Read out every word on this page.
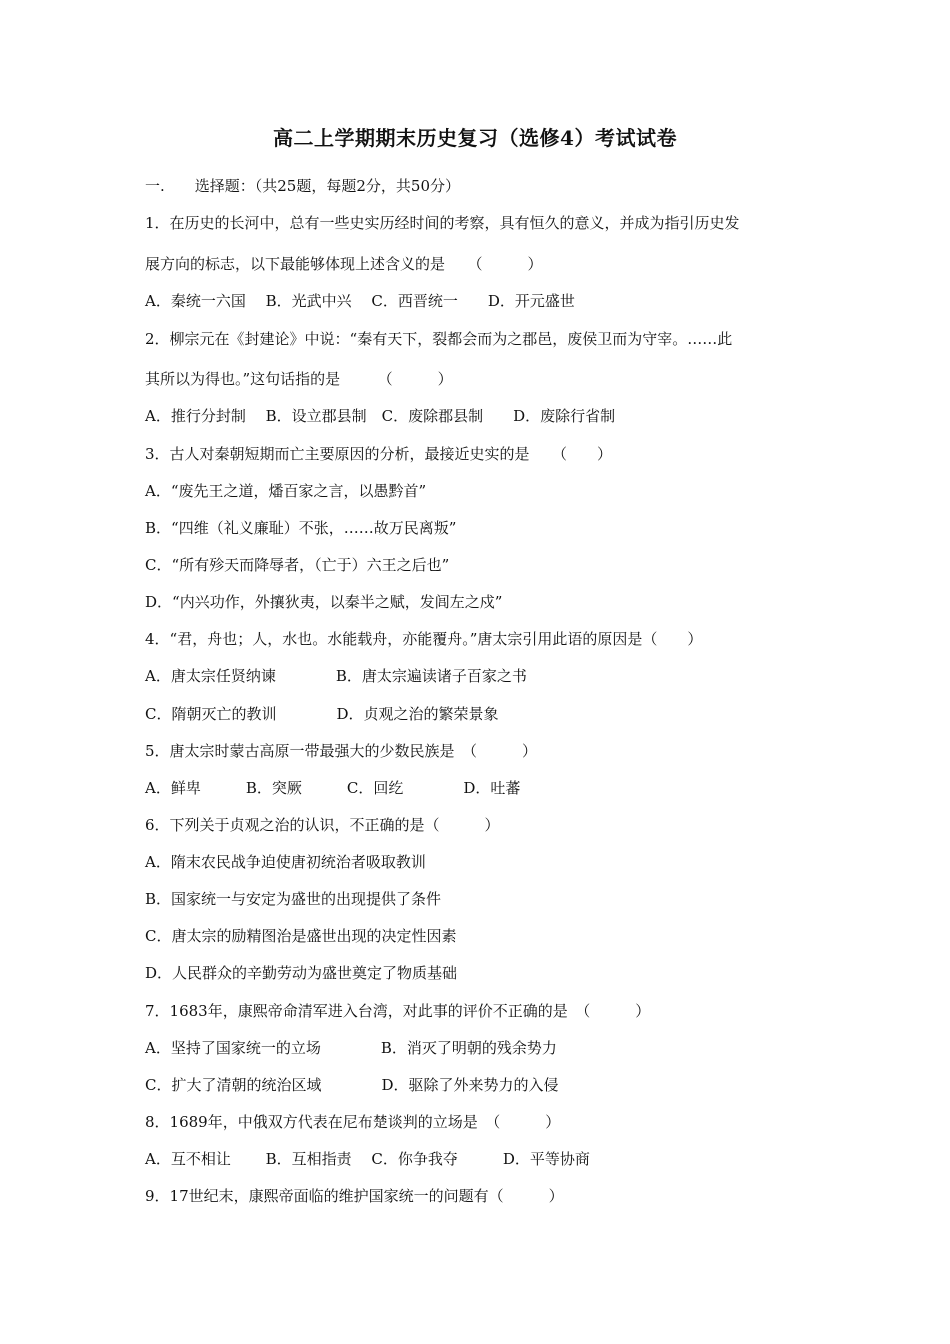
高二上学期期末历史复习（选修4）考试试卷
一.　　选择题：（共25题，每题2分，共50分）
1．在历史的长河中，总有一些史实历经时间的考察，具有恒久的意义，并成为指引历史发
展方向的标志，以下最能够体现上述含义的是　　（　　　）
A．秦统一六国　 B．光武中兴　 C．西晋统一　　D．开元盛世
2．柳宗元在《封建论》中说：“秦有天下，裂都会而为之郡邑，废侯卫而为守宰。……此
其所以为得也。”这句话指的是　　　（　　　）
A．推行分封制　 B．设立郡县制　C．废除郡县制　　D．废除行省制
3．古人对秦朝短期而亡主要原因的分析，最接近史实的是　　（　　）
A．“废先王之道，燔百家之言，以愚黔首”
B．“四维（礼义廉耻）不张，……故万民离叛”
C．“所有殄天而降辱者，（亡于）六王之后也”
D．“内兴功作，外攘狄夷，以秦半之赋，发闾左之戍”
4．“君，舟也；人，水也。水能载舟，亦能覆舟。”唐太宗引用此语的原因是（　　）
A．唐太宗任贤纳谏　　　　B．唐太宗遍读诸子百家之书
C．隋朝灭亡的教训　　　　D．贞观之治的繁荣景象
5．唐太宗时蒙古高原一带最强大的少数民族是　（　　　）
A．鲜卑　　　B．突厥　　　C．回纥　　　　D．吐蕃
6．下列关于贞观之治的认识，不正确的是（　　　）
A．隋末农民战争迫使唐初统治者吸取教训
B．国家统一与安定为盛世的出现提供了条件
C．唐太宗的励精图治是盛世出现的决定性因素
D．人民群众的辛勤劳动为盛世奠定了物质基础
7．1683年，康熙帝命清军进入台湾，对此事的评价不正确的是　（　　　）
A．坚持了国家统一的立场　　　　B．消灭了明朝的残余势力
C．扩大了清朝的统治区域　　　　D．驱除了外来势力的入侵
8．1689年，中俄双方代表在尼布楚谈判的立场是　（　　　）
A．互不相让　　 B．互相指责　 C．你争我夺　　　D．平等协商
9．17世纪末，康熙帝面临的维护国家统一的问题有（　　　）
